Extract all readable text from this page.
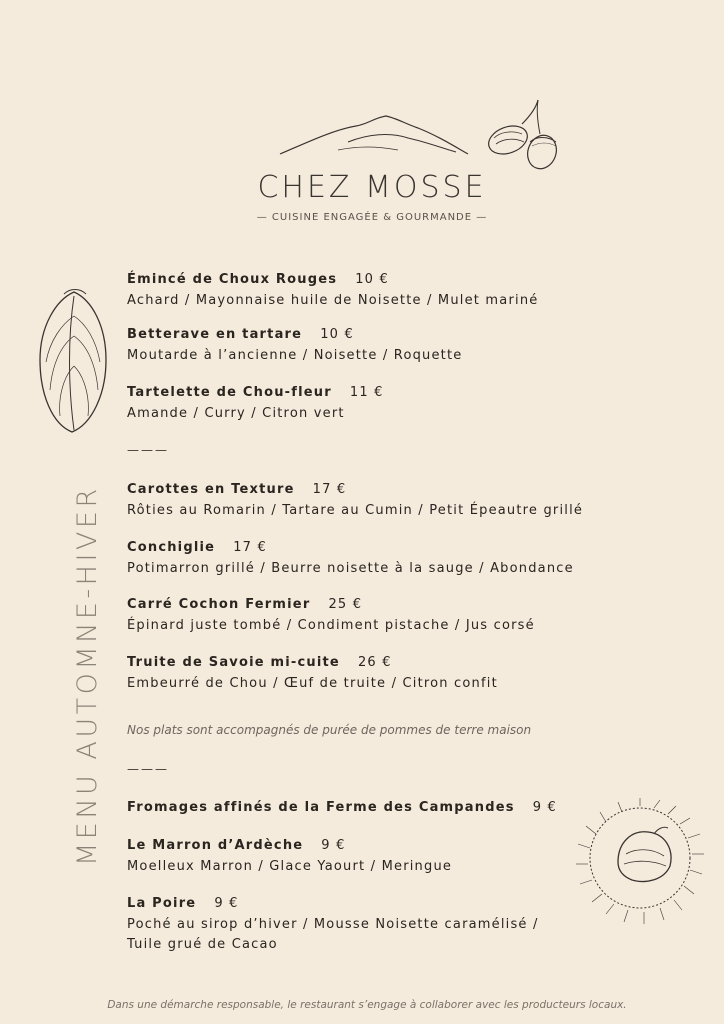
CHEZ MOSSE
— CUISINE ENGAGÉE & GOURMANDE —
MENU AUTOMNE-HIVER
Émincé de Choux Rouges 10 €
Achard / Mayonnaise huile de Noisette / Mulet mariné
Betterave en tartare 10 €
Moutarde à l’ancienne / Noisette / Roquette
Tartelette de Chou-fleur 11 €
Amande / Curry / Citron vert
———
Carottes en Texture 17 €
Rôties au Romarin / Tartare au Cumin / Petit Épeautre grillé
Conchiglie 17 €
Potimarron grillé / Beurre noisette à la sauge / Abondance
Carré Cochon Fermier 25 €
Épinard juste tombé / Condiment pistache / Jus corsé
Truite de Savoie mi-cuite 26 €
Embeurré de Chou / Œuf de truite / Citron confit
Nos plats sont accompagnés de purée de pommes de terre maison
———
Fromages affinés de la Ferme des Campandes 9 €
Le Marron d’Ardèche 9 €
Moelleux Marron / Glace Yaourt / Meringue
La Poire 9 €
Poché au sirop d’hiver / Mousse Noisette caramélisé /
Tuile grué de Cacao
Dans une démarche responsable, le restaurant s’engage à collaborer avec les producteurs locaux.
